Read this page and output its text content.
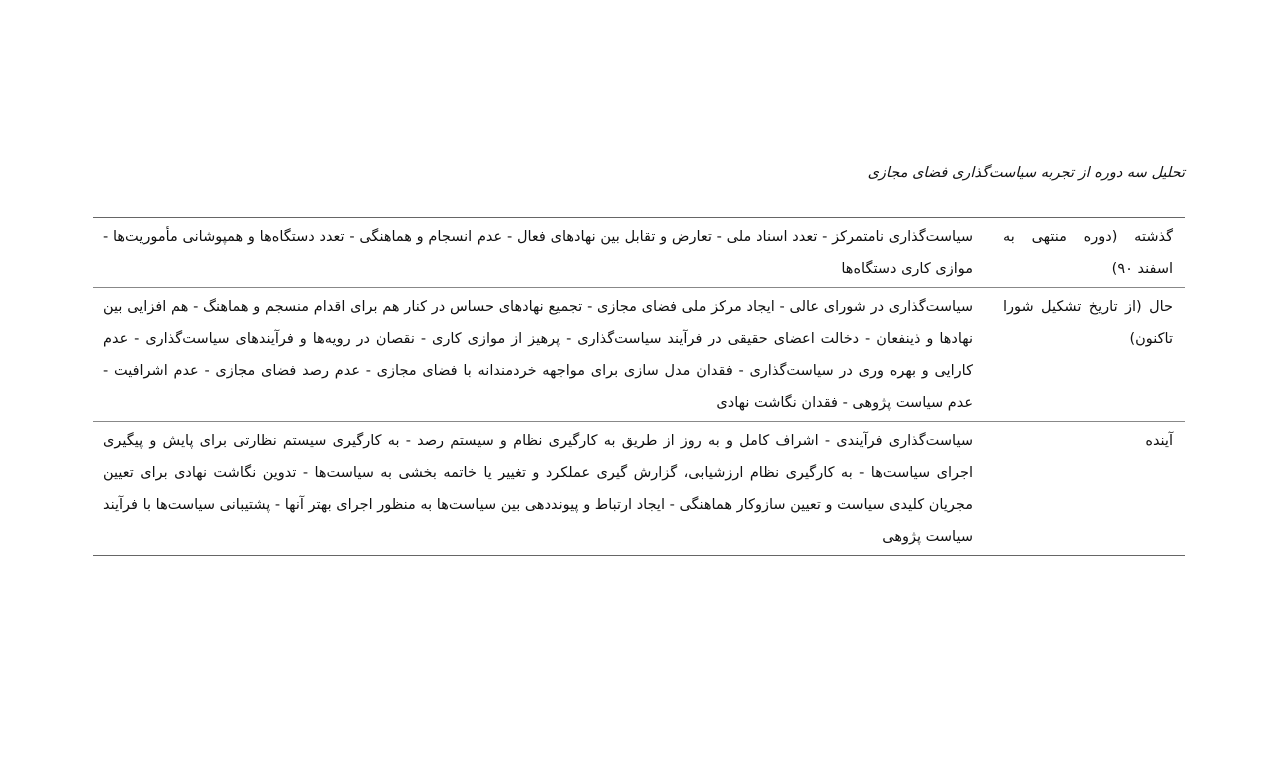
تحلیل سه دوره از تجربه سیاست‌گذاری فضای مجازی
گذشته (دوره منتهی به اسفند ۹۰)
سیاست‌گذاری نامتمرکز - تعدد اسناد ملی - تعارض و تقابل بین نهادهای فعال - عدم انسجام و هماهنگی - تعدد دستگاه‌ها و همپوشانی مأموریت‌ها - موازی کاری دستگاه‌ها
حال (از تاریخ تشکیل شورا تاکنون)
سیاست‌گذاری در شورای عالی - ایجاد مرکز ملی فضای مجازی - تجمیع نهادهای حساس در کنار هم برای اقدام منسجم و هماهنگ - هم افزایی بین نهادها و ذینفعان - دخالت اعضای حقیقی در فرآیند سیاست‌گذاری - پرهیز از موازی کاری - نقصان در رویه‌ها و فرآیندهای سیاست‌گذاری - عدم کارایی و بهره وری در سیاست‌گذاری - فقدان مدل سازی برای مواجهه خردمندانه با فضای مجازی - عدم رصد فضای مجازی - عدم اشرافیت - عدم سیاست پژوهی - فقدان نگاشت نهادی
آینده
سیاست‌گذاری فرآیندی - اشراف کامل و به روز از طریق به کارگیری نظام و سیستم رصد - به کارگیری سیستم نظارتی برای پایش و پیگیری اجرای سیاست‌ها - به کارگیری نظام ارزشیابی، گزارش گیری عملکرد و تغییر یا خاتمه بخشی به سیاست‌ها - تدوین نگاشت نهادی برای تعیین مجریان کلیدی سیاست و تعیین سازوکار هماهنگی - ایجاد ارتباط و پیونددهی بین سیاست‌ها به منظور اجرای بهتر آنها - پشتیبانی سیاست‌ها با فرآیند سیاست پژوهی
